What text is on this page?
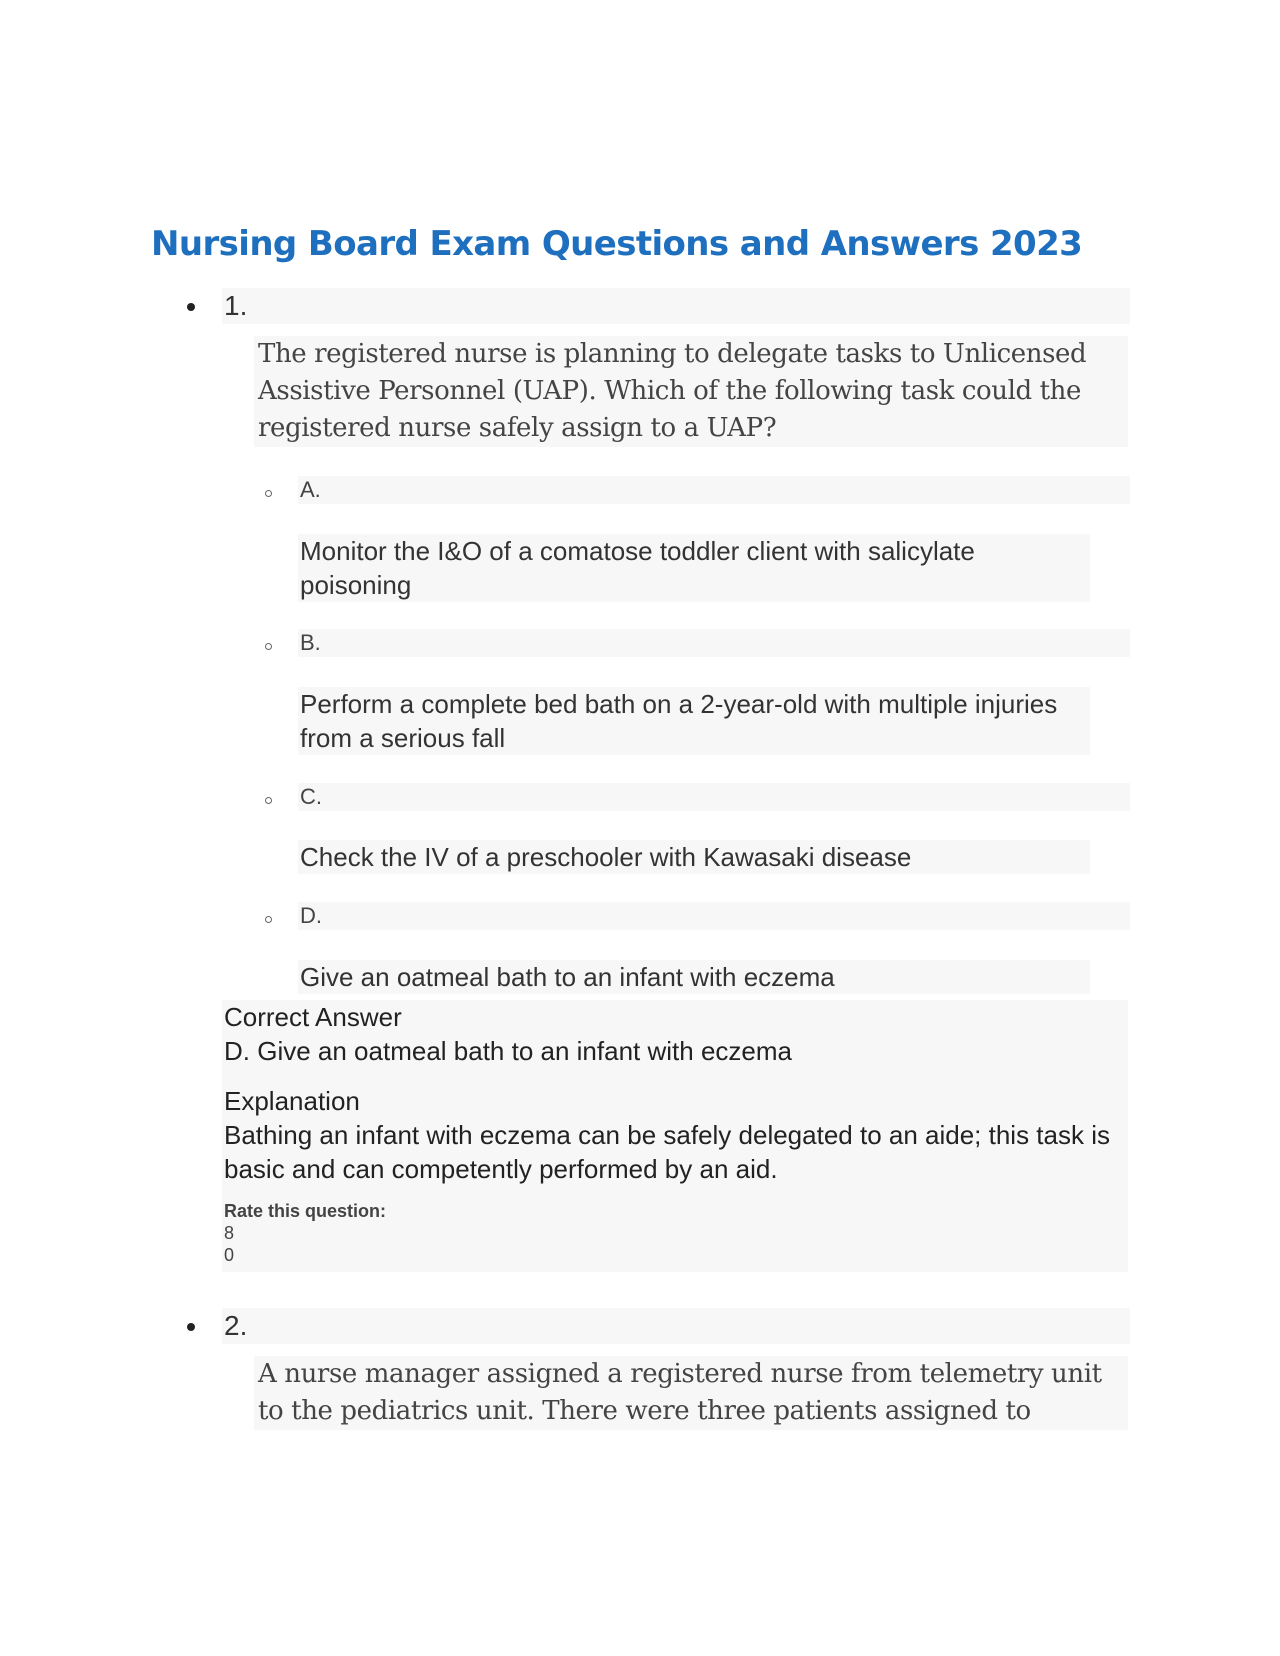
Nursing Board Exam Questions and Answers 2023
1.

The registered nurse is planning to delegate tasks to Unlicensed Assistive Personnel (UAP). Which of the following task could the registered nurse safely assign to a UAP?

A.

Monitor the I&O of a comatose toddler client with salicylate poisoning

B.

Perform a complete bed bath on a 2-year-old with multiple injuries from a serious fall

C.

Check the IV of a preschooler with Kawasaki disease

D.

Give an oatmeal bath to an infant with eczema

Correct Answer

D. Give an oatmeal bath to an infant with eczema

Explanation

Bathing an infant with eczema can be safely delegated to an aide; this task is basic and can competently performed by an aid.

Rate this question:
8
0
2.

A nurse manager assigned a registered nurse from telemetry unit to the pediatrics unit. There were three patients assigned to
